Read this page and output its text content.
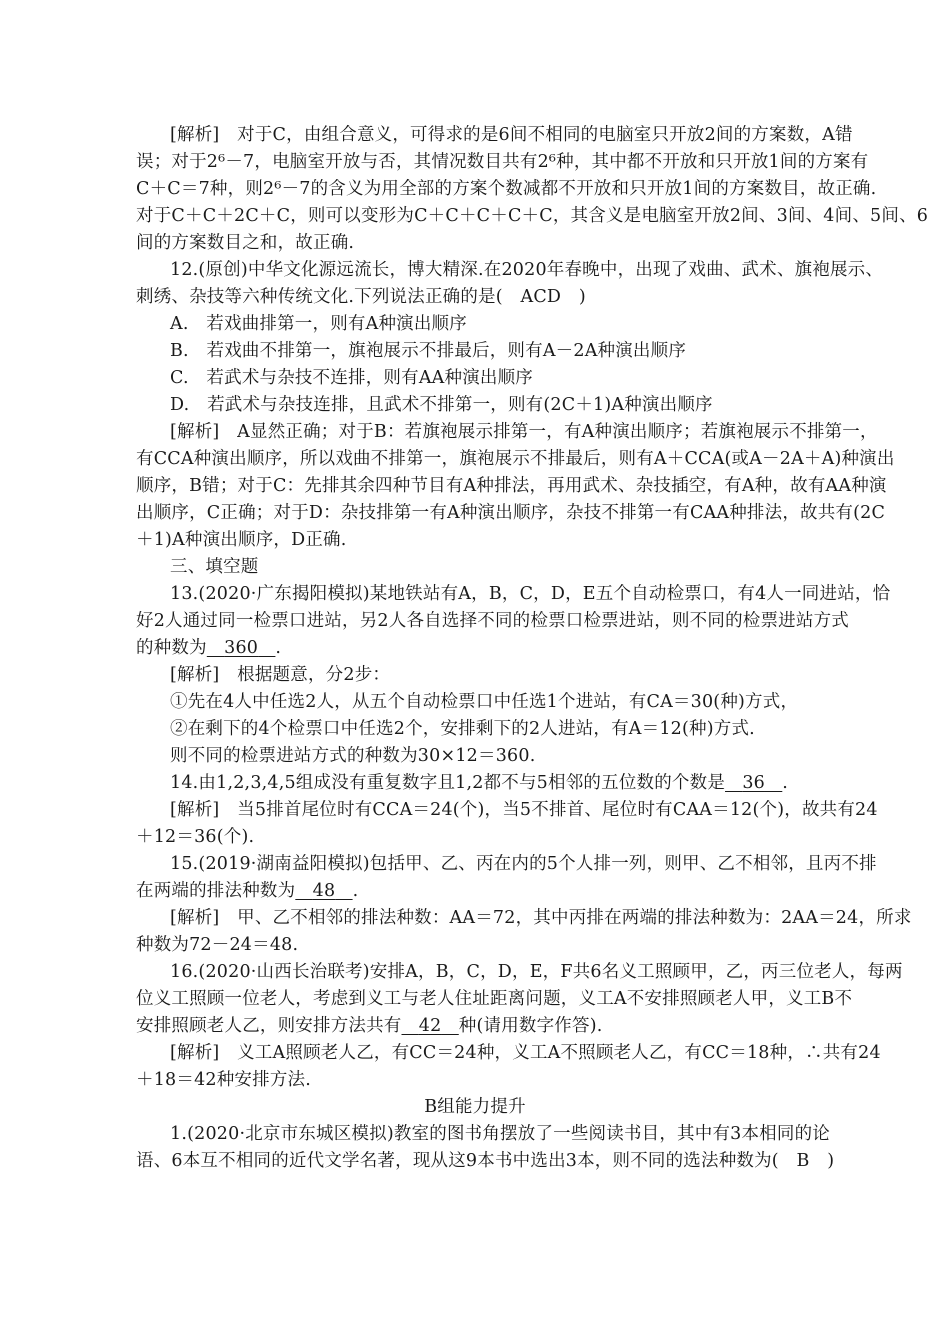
[解析]　对于C，由组合意义，可得求的是6间不相同的电脑室只开放2间的方案数，A错
误；对于2⁶－7，电脑室开放与否，其情况数目共有2⁶种，其中都不开放和只开放1间的方案有
C＋C＝7种，则2⁶－7的含义为用全部的方案个数减都不开放和只开放1间的方案数目，故正确.
对于C＋C＋2C＋C，则可以变形为C＋C＋C＋C＋C，其含义是电脑室开放2间、3间、4间、5间、6
间的方案数目之和，故正确.
12.(原创)中华文化源远流长，博大精深.在2020年春晚中，出现了戏曲、武术、旗袍展示、
刺绣、杂技等六种传统文化.下列说法正确的是(　ACD　)
A.　若戏曲排第一，则有A种演出顺序
B.　若戏曲不排第一，旗袍展示不排最后，则有A－2A种演出顺序
C.　若武术与杂技不连排，则有AA种演出顺序
D.　若武术与杂技连排，且武术不排第一，则有(2C＋1)A种演出顺序
[解析]　A显然正确；对于B：若旗袍展示排第一，有A种演出顺序；若旗袍展示不排第一，
有CCA种演出顺序，所以戏曲不排第一，旗袍展示不排最后，则有A＋CCA(或A－2A＋A)种演出
顺序，B错；对于C：先排其余四种节目有A种排法，再用武术、杂技插空，有A种，故有AA种演
出顺序，C正确；对于D：杂技排第一有A种演出顺序，杂技不排第一有CAA种排法，故共有(2C
＋1)A种演出顺序，D正确.
三、填空题
13.(2020·广东揭阳模拟)某地铁站有A，B，C，D，E五个自动检票口，有4人一同进站，恰
好2人通过同一检票口进站，另2人各自选择不同的检票口检票进站，则不同的检票进站方式
的种数为 360 .
[解析]　根据题意，分2步：
①先在4人中任选2人，从五个自动检票口中任选1个进站，有CA＝30(种)方式，
②在剩下的4个检票口中任选2个，安排剩下的2人进站，有A＝12(种)方式.
则不同的检票进站方式的种数为30×12＝360.
14.由1,2,3,4,5组成没有重复数字且1,2都不与5相邻的五位数的个数是 36 .
[解析]　当5排首尾位时有CCA＝24(个)，当5不排首、尾位时有CAA＝12(个)，故共有24
＋12＝36(个).
15.(2019·湖南益阳模拟)包括甲、乙、丙在内的5个人排一列，则甲、乙不相邻，且丙不排
在两端的排法种数为 48 .
[解析]　甲、乙不相邻的排法种数：AA＝72，其中丙排在两端的排法种数为：2AA＝24，所求
种数为72－24＝48.
16.(2020·山西长治联考)安排A，B，C，D，E，F共6名义工照顾甲，乙，丙三位老人，每两
位义工照顾一位老人，考虑到义工与老人住址距离问题，义工A不安排照顾老人甲，义工B不
安排照顾老人乙，则安排方法共有 42 种(请用数字作答).
[解析]　义工A照顾老人乙，有CC＝24种，义工A不照顾老人乙，有CC＝18种，∴共有24
＋18＝42种安排方法.
B组能力提升
1.(2020·北京市东城区模拟)教室的图书角摆放了一些阅读书目，其中有3本相同的论
语、6本互不相同的近代文学名著，现从这9本书中选出3本，则不同的选法种数为(　B　)
